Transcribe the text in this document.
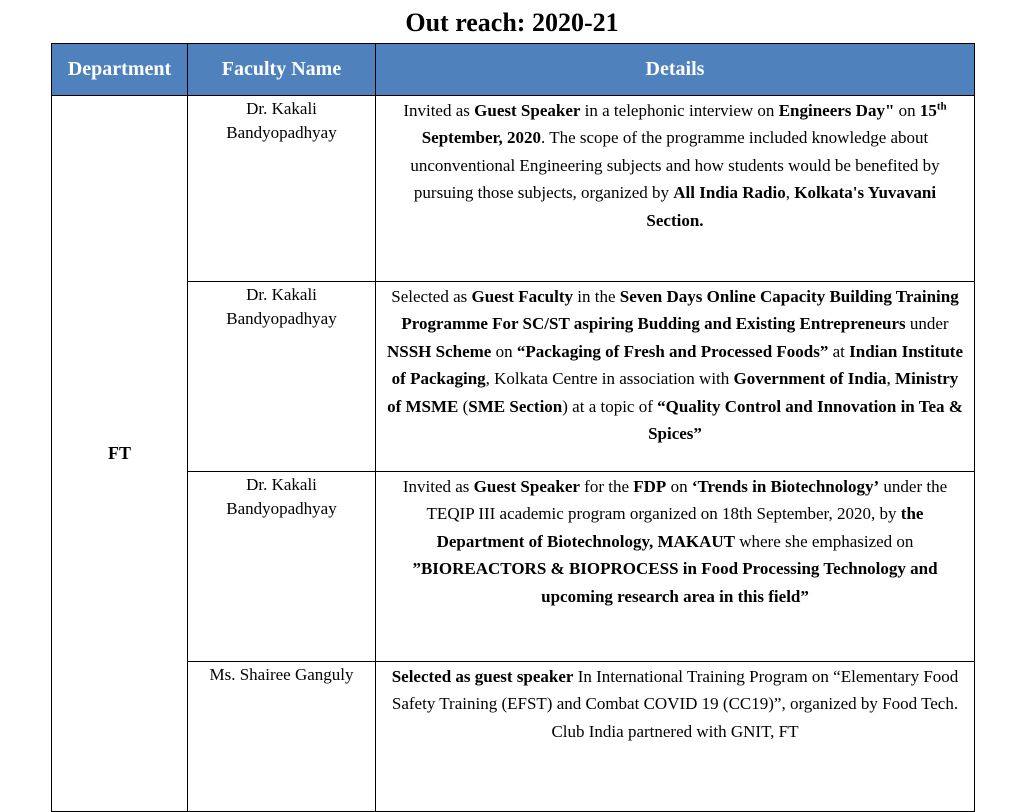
Out reach: 2020-21
Department	Faculty Name	Details
FT	Dr. Kakali Bandyopadhyay	Invited as Guest Speaker in a telephonic interview on Engineers Day" on 15th September, 2020. The scope of the programme included knowledge about unconventional Engineering subjects and how students would be benefited by pursuing those subjects, organized by All India Radio, Kolkata's Yuvavani Section.
	Dr. Kakali Bandyopadhyay	Selected as Guest Faculty in the Seven Days Online Capacity Building Training Programme For SC/ST aspiring Budding and Existing Entrepreneurs under NSSH Scheme on “Packaging of Fresh and Processed Foods” at Indian Institute of Packaging, Kolkata Centre in association with Government of India, Ministry of MSME (SME Section) at a topic of “Quality Control and Innovation in Tea & Spices”
	Dr. Kakali Bandyopadhyay	Invited as Guest Speaker for the FDP on ‘Trends in Biotechnology’ under the TEQIP III academic program organized on 18th September, 2020, by the Department of Biotechnology, MAKAUT where she emphasized on ”BIOREACTORS & BIOPROCESS in Food Processing Technology and upcoming research area in this field”
	Ms. Shairee Ganguly	Selected as guest speaker In International Training Program on “Elementary Food Safety Training (EFST) and Combat COVID 19 (CC19)”, organized by Food Tech. Club India partnered with GNIT, FT
